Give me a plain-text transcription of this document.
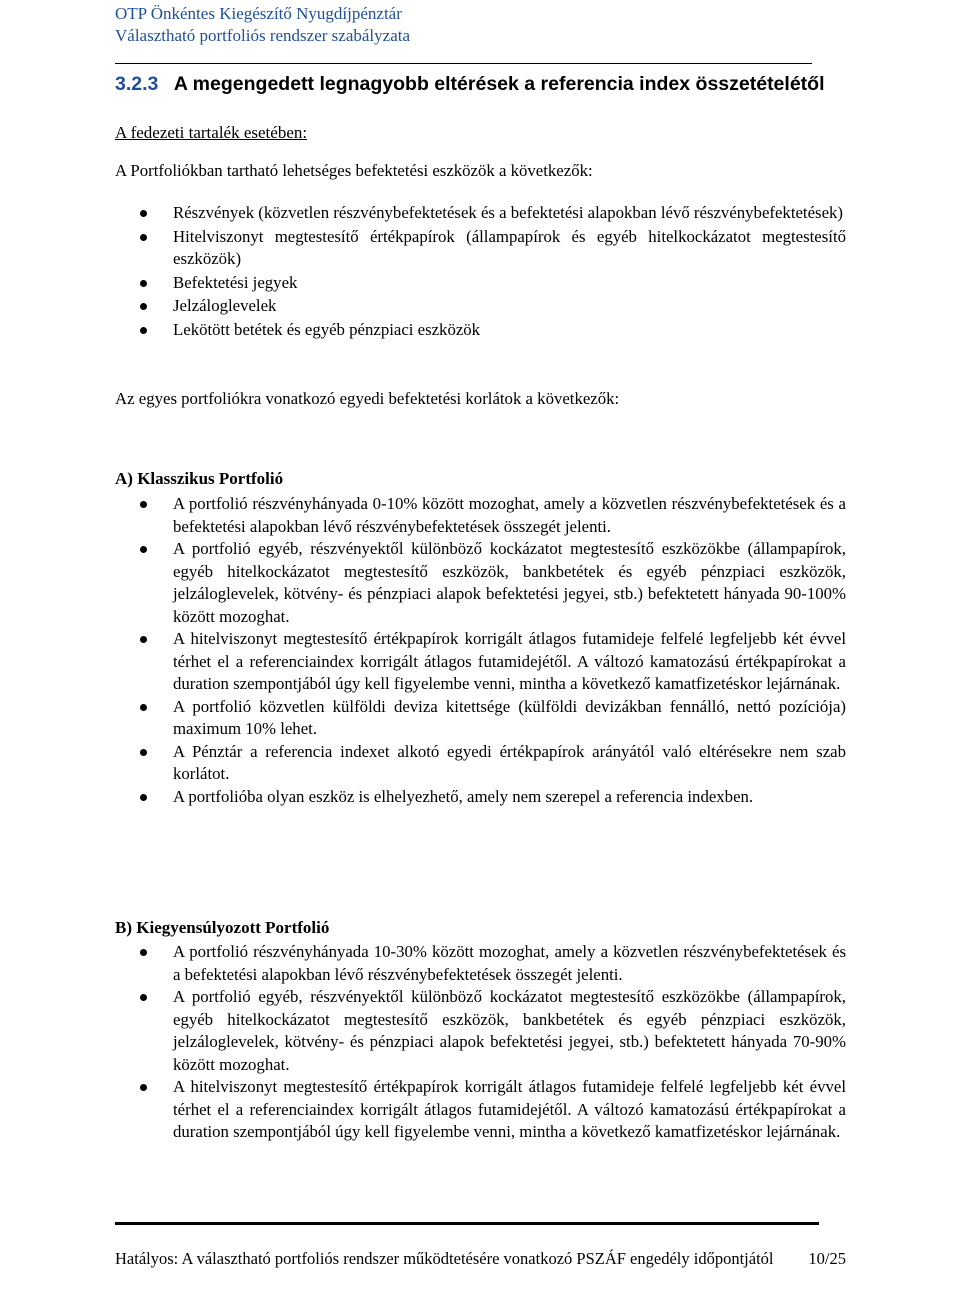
OTP Önkéntes Kiegészítő Nyugdíjpénztár
Választható portfoliós rendszer szabályzata
3.2.3 A megengedett legnagyobb eltérések a referencia index összetételétől
A fedezeti tartalék esetében:
A Portfoliókban tartható lehetséges befektetési eszközök a következők:
Részvények (közvetlen részvénybefektetések és a befektetési alapokban lévő részvénybefektetések)
Hitelviszonyt megtestesítő értékpapírok (állampapírok és egyéb hitelkockázatot megtestesítő eszközök)
Befektetési jegyek
Jelzáloglevelek
Lekötött betétek és egyéb pénzpiaci eszközök
Az egyes portfoliókra vonatkozó egyedi befektetési korlátok a következők:
A) Klasszikus Portfolió
A portfolió részvényhányada 0-10% között mozoghat, amely a közvetlen részvénybefektetések és a befektetési alapokban lévő részvénybefektetések összegét jelenti.
A portfolió egyéb, részvényektől különböző kockázatot megtestesítő eszközökbe (állampapírok, egyéb hitelkockázatot megtestesítő eszközök, bankbetétek és egyéb pénzpiaci eszközök, jelzáloglevelek, kötvény- és pénzpiaci alapok befektetési jegyei, stb.) befektetett hányada 90-100% között mozoghat.
A hitelviszonyt megtestesítő értékpapírok korrigált átlagos futamideje felfelé legfeljebb két évvel térhet el a referenciaindex korrigált átlagos futamidejétől. A változó kamatozású értékpapírokat a duration szempontjából úgy kell figyelembe venni, mintha a következő kamatfizetéskor lejárnának.
A portfolió közvetlen külföldi deviza kitettsége (külföldi devizákban fennálló, nettó pozíciója) maximum 10% lehet.
A Pénztár a referencia indexet alkotó egyedi értékpapírok arányától való eltérésekre nem szab korlátot.
A portfolióba olyan eszköz is elhelyezhető, amely nem szerepel a referencia indexben.
B) Kiegyensúlyozott Portfolió
A portfolió részvényhányada 10-30% között mozoghat, amely a közvetlen részvénybefektetések és a befektetési alapokban lévő részvénybefektetések összegét jelenti.
A portfolió egyéb, részvényektől különböző kockázatot megtestesítő eszközökbe (állampapírok, egyéb hitelkockázatot megtestesítő eszközök, bankbetétek és egyéb pénzpiaci eszközök, jelzáloglevelek, kötvény- és pénzpiaci alapok befektetési jegyei, stb.) befektetett hányada 70-90% között mozoghat.
A hitelviszonyt megtestesítő értékpapírok korrigált átlagos futamideje felfelé legfeljebb két évvel térhet el a referenciaindex korrigált átlagos futamidejétől. A változó kamatozású értékpapírokat a duration szempontjából úgy kell figyelembe venni, mintha a következő kamatfizetéskor lejárnának.
Hatályos: A választható portfoliós rendszer működtetésére vonatkozó PSZÁF engedély időpontjától 10/25
